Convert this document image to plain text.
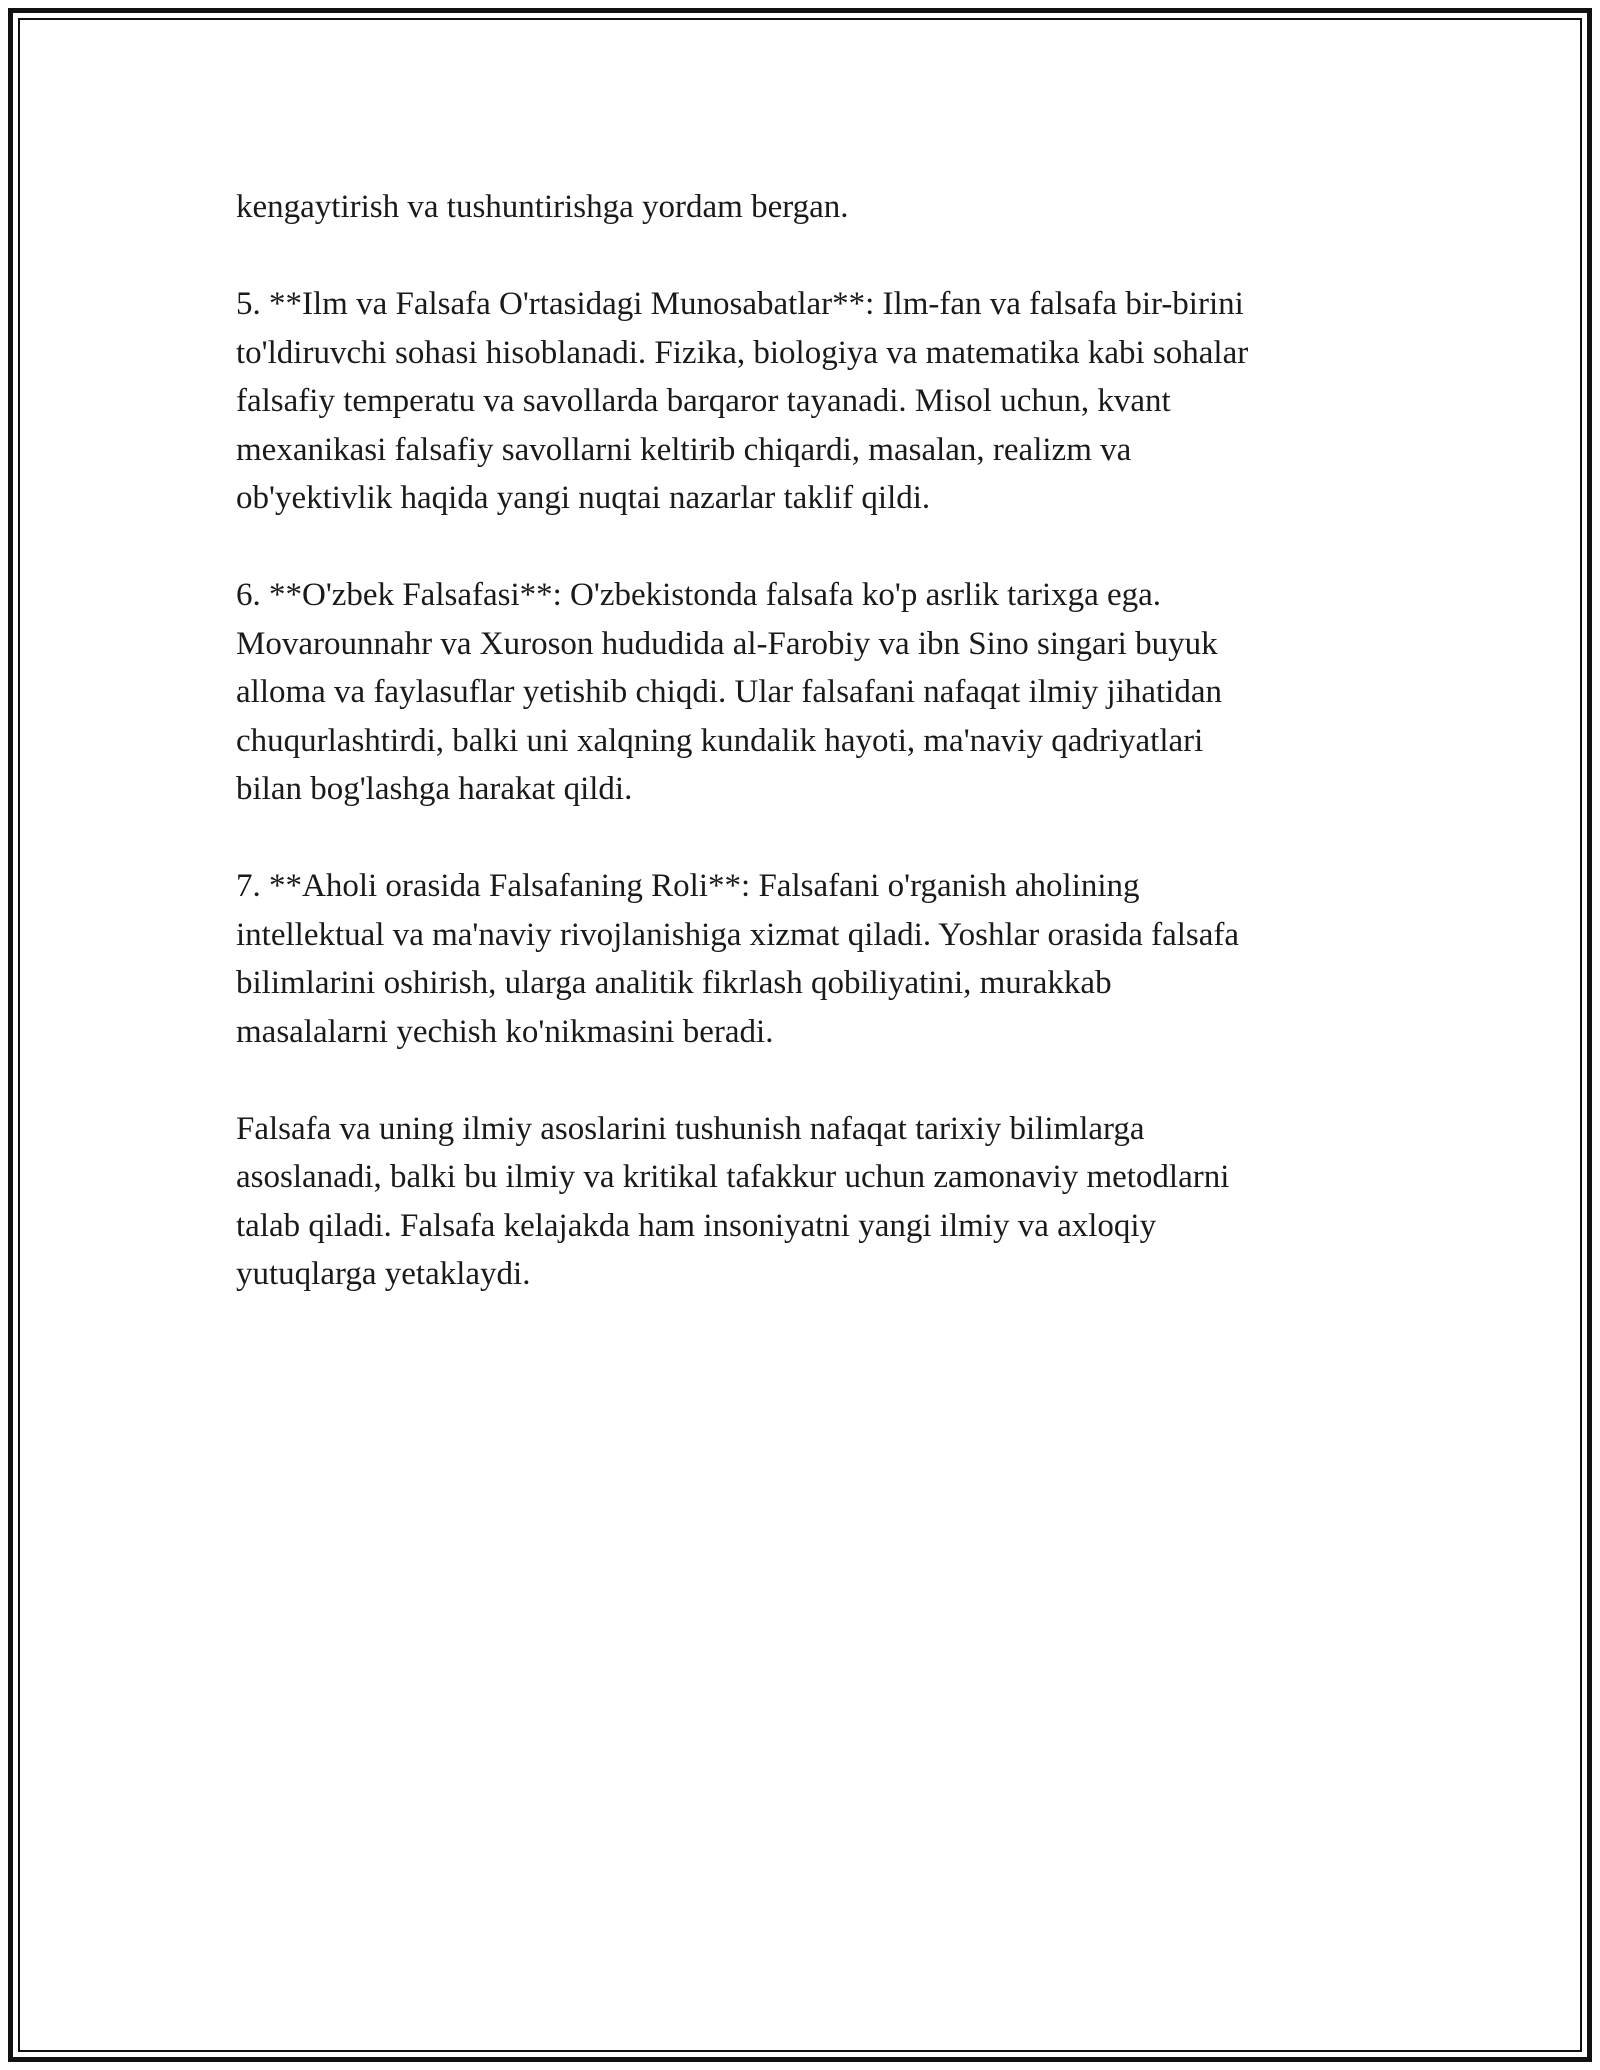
kengaytirish va tushuntirishga yordam bergan.

5. **Ilm va Falsafa O'rtasidagi Munosabatlar**: Ilm-fan va falsafa bir-birini
to'ldiruvchi sohasi hisoblanadi. Fizika, biologiya va matematika kabi sohalar
falsafiy temperatu va savollarda barqaror tayanadi. Misol uchun, kvant
mexanikasi falsafiy savollarni keltirib chiqardi, masalan, realizm va
ob'yektivlik haqida yangi nuqtai nazarlar taklif qildi.

6. **O'zbek Falsafasi**: O'zbekistonda falsafa ko'p asrlik tarixga ega.
Movarounnahr va Xuroson hududida al-Farobiy va ibn Sino singari buyuk
alloma va faylasuflar yetishib chiqdi. Ular falsafani nafaqat ilmiy jihatidan
chuqurlashtirdi, balki uni xalqning kundalik hayoti, ma'naviy qadriyatlari
bilan bog'lashga harakat qildi.

7. **Aholi orasida Falsafaning Roli**: Falsafani o'rganish aholining
intellektual va ma'naviy rivojlanishiga xizmat qiladi. Yoshlar orasida falsafa
bilimlarini oshirish, ularga analitik fikrlash qobiliyatini, murakkab
masalalarni yechish ko'nikmasini beradi.

Falsafa va uning ilmiy asoslarini tushunish nafaqat tarixiy bilimlarga
asoslanadi, balki bu ilmiy va kritikal tafakkur uchun zamonaviy metodlarni
talab qiladi. Falsafa kelajakda ham insoniyatni yangi ilmiy va axloqiy
yutuqlarga yetaklaydi.
